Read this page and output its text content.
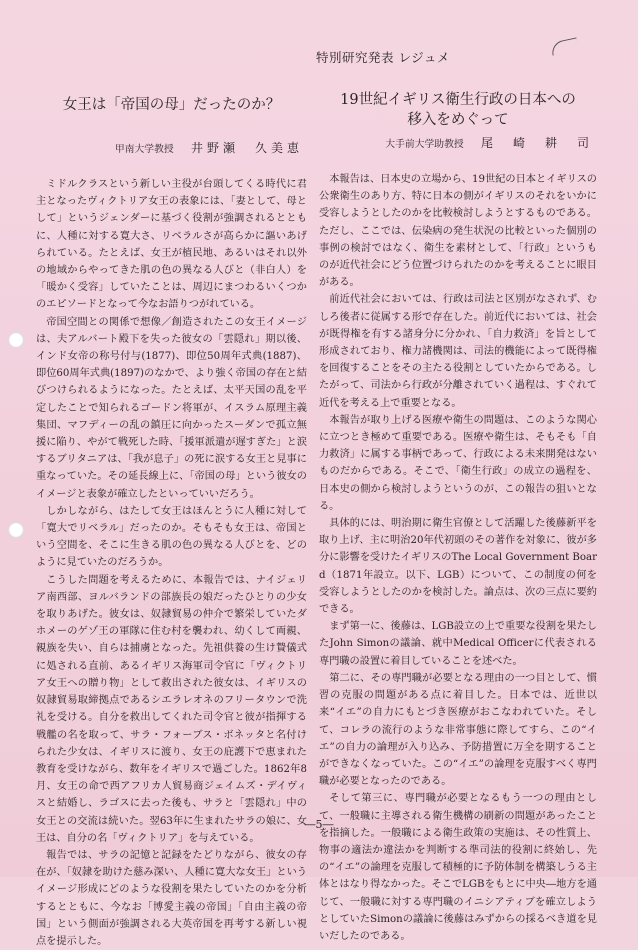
特別研究発表 レジュメ
女王は「帝国の母」だったのか？
甲南大学教授 井野瀬　久美恵

ミドルクラスという新しい主役が台頭してくる時代に君主となったヴィクトリア女王の表象には、「妻として、母として」というジェンダーに基づく役割が強調されるとともに、人種に対する寛大さ、リベラルさが高らかに謳いあげられている。たとえば、女王が植民地、あるいはそれ以外の地域からやってきた肌の色の異なる人びと（非白人）を「暖かく受容」していたことは、周辺にまつわるいくつかのエピソードとなって今なお語りつがれている。

帝国空間との関係で想像／創造されたこの女王イメージは、夫アルバート殿下を失った彼女の「雲隠れ」期以後、インド女帝の称号付与(1877)、即位50周年式典(1887)、即位60周年式典(1897)のなかで、より強く帝国の存在と結びつけられるようになった。たとえば、太平天国の乱を平定したことで知られるゴードン将軍が、イスラム原理主義集団、マフディーの乱の鎮圧に向かったスーダンで孤立無援に陥り、やがて戦死した時、「援軍派遣が遅すぎた」と涙するブリタニアは、「我が息子」の死に涙する女王と見事に重なっていた。その延長線上に、「帝国の母」という彼女のイメージと表象が確立したといっていいだろう。

しかしながら、はたして女王はほんとうに人種に対して「寛大でリベラル」だったのか。そもそも女王は、帝国という空間を、そこに生きる肌の色の異なる人びとを、どのように見ていたのだろうか。

こうした問題を考えるために、本報告では、ナイジェリア南西部、ヨルバランドの部族長の娘だったひとりの少女を取りあげた。彼女は、奴隷貿易の仲介で繁栄していたダホメーのゲゾ王の軍隊に住む村を襲われ、幼くして両親、親族を失い、自らは捕虜となった。先祖供養の生け贄儀式に処される直前、あるイギリス海軍司令官に「ヴィクトリア女王への贈り物」として救出された彼女は、イギリスの奴隷貿易取締拠点であるシエラレオネのフリータウンで洗礼を受ける。自分を救出してくれた司令官と彼が指揮する戦艦の名を取って、サラ・フォーブス・ボネッタと名付けられた少女は、イギリスに渡り、女王の庇護下で恵まれた教育を受けながら、数年をイギリスで過ごした。1862年8月、女王の命で西アフリカ人貿易商ジェイムズ・デイヴィスと結婚し、ラゴスに去った後も、サラと「雲隠れ」中の女王との交流は続いた。翌63年に生まれたサラの娘に、女王は、自分の名「ヴィクトリア」を与えている。

報告では、サラの記憶と記録をたどりながら、彼女の存在が、「奴隷を助けた慈み深い、人種に寛大な女王」というイメージ形成にどのような役割を果たしていたのかを分析するとともに、今なお「博愛主義の帝国」「自由主義の帝国」という側面が強調される大英帝国を再考する新しい視点を提示した。

19世紀イギリス衛生行政の日本への
移入をめぐって
大手前大学助教授 尾　崎　耕　司

本報告は、日本史の立場から、19世紀の日本とイギリスの公衆衛生のあり方、特に日本の側がイギリスのそれをいかに受容しようとしたのかを比較検討しようとするものである。ただし、ここでは、伝染病の発生状況の比較といった個別の事例の検討ではなく、衛生を素材として、「行政」というものが近代社会にどう位置づけられたのかを考えることに眼目がある。

前近代社会においては、行政は司法と区別がなされず、むしろ後者に従属する形で存在した。前近代においては、社会が既得権を有する諸身分に分かれ、「自力救済」を旨として形成されており、権力諸機関は、司法的機能によって既得権を回復することをその主たる役割としていたからである。したがって、司法から行政が分離されていく過程は、すぐれて近代を考える上で重要となる。

本報告が取り上げる医療や衛生の問題は、このような関心に立つとき極めて重要である。医療や衛生は、そもそも「自力救済」に属する事柄であって、行政による未来開発はないものだからである。そこで、「衛生行政」の成立の過程を、日本史の側から検討しようというのが、この報告の狙いとなる。

具体的には、明治期に衛生官僚として活躍した後藤新平を取り上げ、主に明治20年代初頭のその著作を対象に、彼が多分に影響を受けたイギリスのThe Local Government Board（1871年設立。以下、LGB）について、この制度の何を受容しようとしたのかを検討した。論点は、次の三点に要約できる。

まず第一に、後藤は、LGB設立の上で重要な役割を果たしたJohn Simonの議論、就中Medical Officerに代表される専門職の設置に着目していることを述べた。

第二に、その専門職が必要となる理由の一つ目として、慣習の克服の問題がある点に着目した。日本では、近世以来“イエ”の自力にもとづき医療がおこなわれていた。そして、コレラの流行のような非常事態に際してすら、この“イエ”の自力の論理が入り込み、予防措置に万全を期することができなくなっていた。この“イエ”の論理を克服すべく専門職が必要となったのである。

そして第三に、専門職が必要となるもう一つの理由として、一般職に主導される衛生機構の刷新の問題があったことを指摘した。一般職による衛生政策の実施は、その性質上、物事の適法か違法かを判断する準司法的役割に終始し、先の“イエ”の論理を克服して積極的に予防体制を構築しうる主体とはなり得なかった。そこでLGBをもとに中央―地方を通じて、一般職に対する専門職のイニシアティブを確立しようとしていたSimonの議論に後藤はみずからの採るべき道を見いだしたのである。

―5―
